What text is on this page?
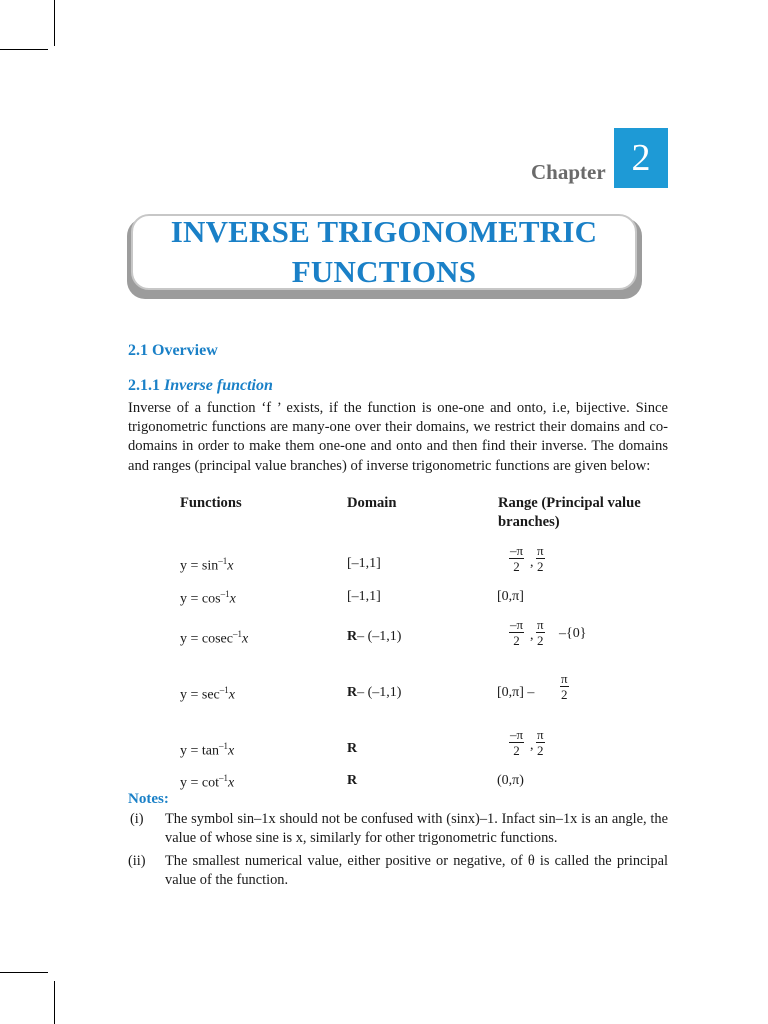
Chapter 2
INVERSE TRIGONOMETRIC
FUNCTIONS
2.1 Overview
2.1.1 Inverse function

Inverse of a function ‘f ’ exists, if the function is one-one and onto, i.e, bijective. Since trigonometric functions are many-one over their domains, we restrict their domains and co-domains in order to make them one-one and onto and then find their inverse. The domains and ranges (principal value branches) of inverse trigonometric functions are given below:

Functions	Domain	Range (Principal value
branches)
$y = \sin^{-1}x$	[–1,1]	$\frac{-\pi}{2}$ , $\frac{\pi}{2}$
$y = \cos^{-1}x$	[–1,1]	[0,π]
y = cosec$^{-1}$x	R– (–1,1)	$\frac{-\pi}{2}$ , $\frac{\pi}{2} -\{0\}$
$y = \sec^{-1}x$	R– (–1,1)	$[0,\pi] - \frac{\pi}{2}$
$y = \tan^{-1}x$	R	$\frac{-\pi}{2}$ , $\frac{\pi}{2}$
$y = \cot^{-1}x$	R	(0,π)
Notes:
(i) The symbol sin–1x should not be confused with (sinx)–1. Infact sin–1x is an angle, the value of whose sine is x, similarly for other trigonometric functions.
(ii) The smallest numerical value, either positive or negative, of θ is called the principal value of the function.
